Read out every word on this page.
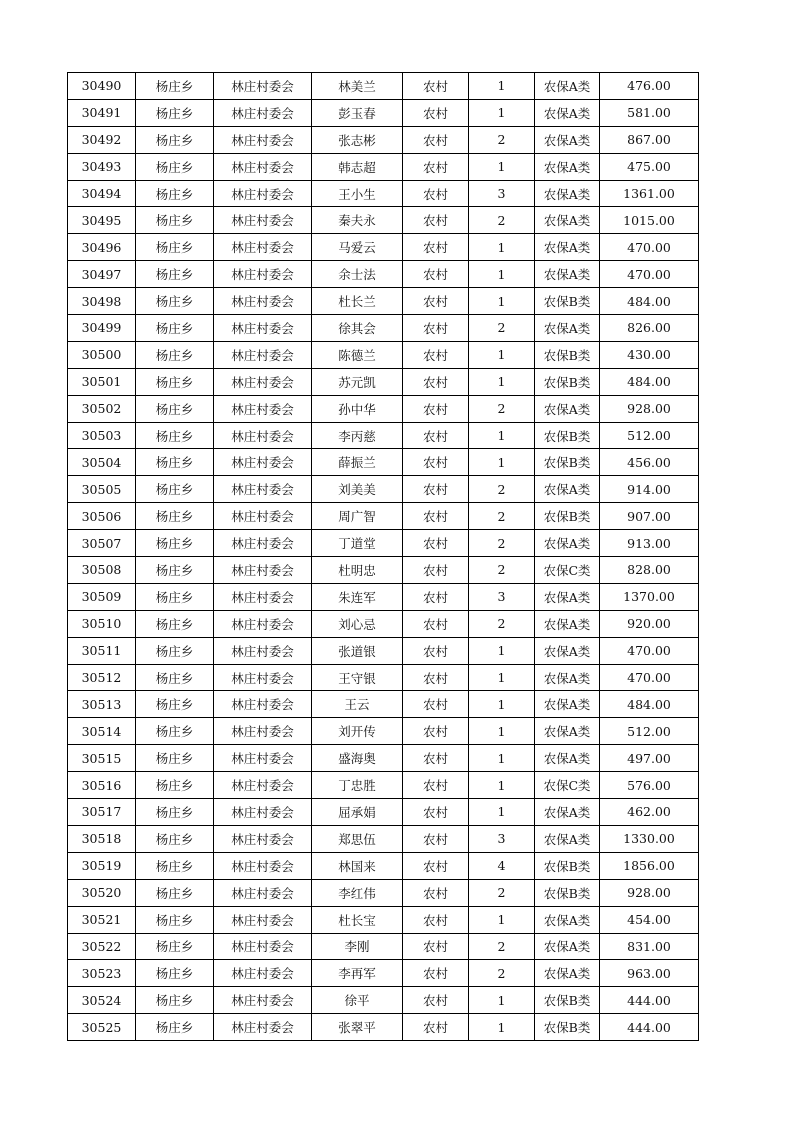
30490	杨庄乡	林庄村委会	林美兰	农村	1	农保A类	476.00
30491	杨庄乡	林庄村委会	彭玉春	农村	1	农保A类	581.00
30492	杨庄乡	林庄村委会	张志彬	农村	2	农保A类	867.00
30493	杨庄乡	林庄村委会	韩志超	农村	1	农保A类	475.00
30494	杨庄乡	林庄村委会	王小生	农村	3	农保A类	1361.00
30495	杨庄乡	林庄村委会	秦夫永	农村	2	农保A类	1015.00
30496	杨庄乡	林庄村委会	马爱云	农村	1	农保A类	470.00
30497	杨庄乡	林庄村委会	余士法	农村	1	农保A类	470.00
30498	杨庄乡	林庄村委会	杜长兰	农村	1	农保B类	484.00
30499	杨庄乡	林庄村委会	徐其会	农村	2	农保A类	826.00
30500	杨庄乡	林庄村委会	陈德兰	农村	1	农保B类	430.00
30501	杨庄乡	林庄村委会	苏元凯	农村	1	农保B类	484.00
30502	杨庄乡	林庄村委会	孙中华	农村	2	农保A类	928.00
30503	杨庄乡	林庄村委会	李丙慈	农村	1	农保B类	512.00
30504	杨庄乡	林庄村委会	薛振兰	农村	1	农保B类	456.00
30505	杨庄乡	林庄村委会	刘美美	农村	2	农保A类	914.00
30506	杨庄乡	林庄村委会	周广智	农村	2	农保B类	907.00
30507	杨庄乡	林庄村委会	丁道堂	农村	2	农保A类	913.00
30508	杨庄乡	林庄村委会	杜明忠	农村	2	农保C类	828.00
30509	杨庄乡	林庄村委会	朱连军	农村	3	农保A类	1370.00
30510	杨庄乡	林庄村委会	刘心忌	农村	2	农保A类	920.00
30511	杨庄乡	林庄村委会	张道银	农村	1	农保A类	470.00
30512	杨庄乡	林庄村委会	王守银	农村	1	农保A类	470.00
30513	杨庄乡	林庄村委会	王云	农村	1	农保A类	484.00
30514	杨庄乡	林庄村委会	刘开传	农村	1	农保A类	512.00
30515	杨庄乡	林庄村委会	盛海奥	农村	1	农保A类	497.00
30516	杨庄乡	林庄村委会	丁忠胜	农村	1	农保C类	576.00
30517	杨庄乡	林庄村委会	屈承娟	农村	1	农保A类	462.00
30518	杨庄乡	林庄村委会	郑思伍	农村	3	农保A类	1330.00
30519	杨庄乡	林庄村委会	林国来	农村	4	农保B类	1856.00
30520	杨庄乡	林庄村委会	李红伟	农村	2	农保B类	928.00
30521	杨庄乡	林庄村委会	杜长宝	农村	1	农保A类	454.00
30522	杨庄乡	林庄村委会	李刚	农村	2	农保A类	831.00
30523	杨庄乡	林庄村委会	李再军	农村	2	农保A类	963.00
30524	杨庄乡	林庄村委会	徐平	农村	1	农保B类	444.00
30525	杨庄乡	林庄村委会	张翠平	农村	1	农保B类	444.00
